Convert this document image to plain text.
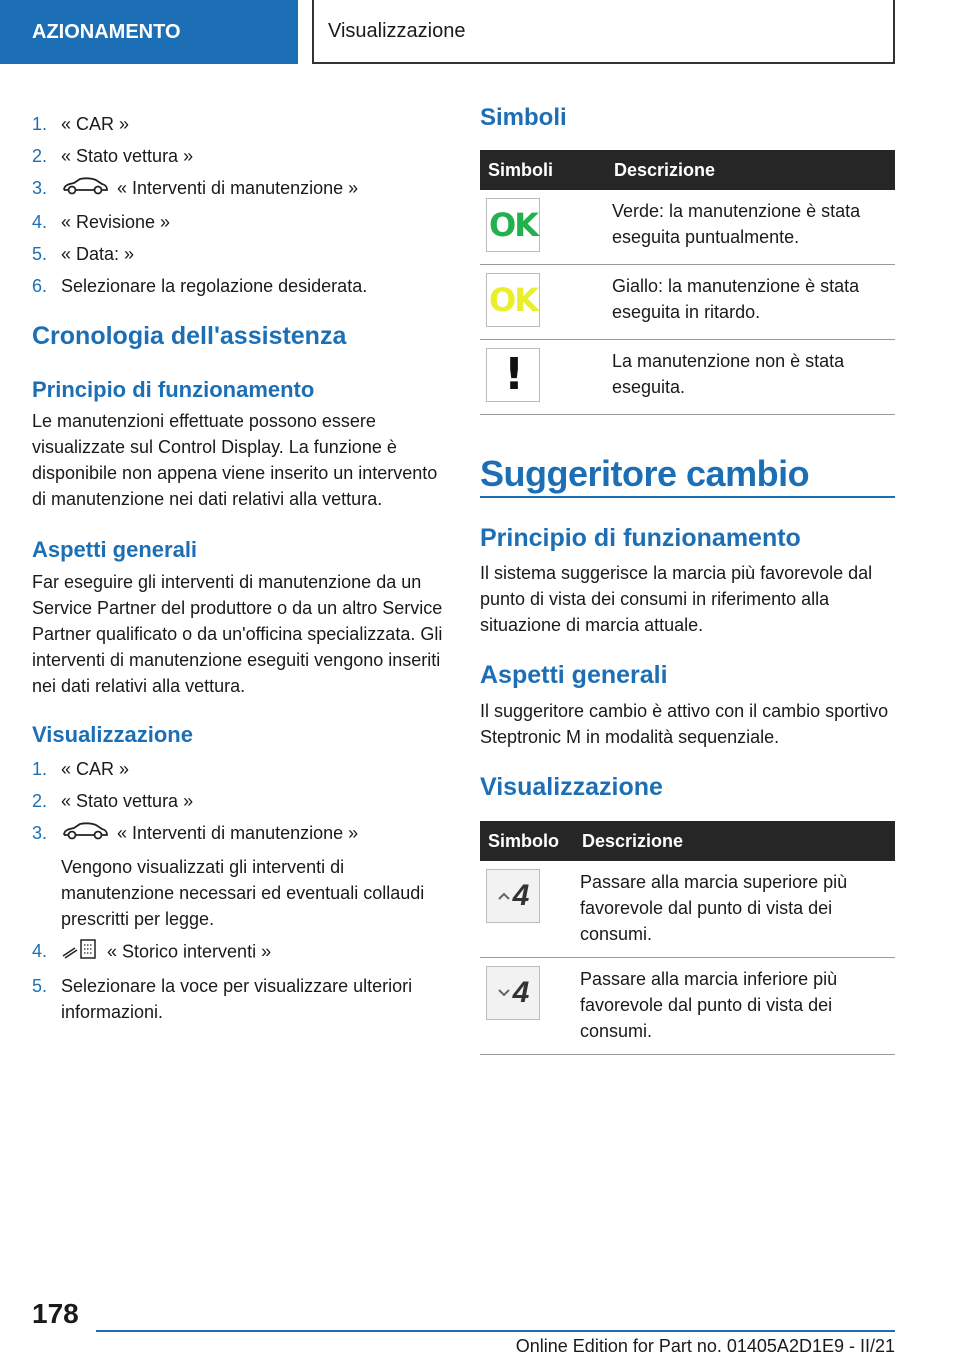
AZIONAMENTO	Visualizzazione
1. « CAR »
2. « Stato vettura »
3.	« Interventi di manutenzione »
4. « Revisione »
5. « Data: »
6. Selezionare la regolazione desiderata.
Cronologia dell'assistenza
Principio di funzionamento

Le manutenzioni effettuate possono essere visualizzate sul Control Display. La funzione è disponibile non appena viene inserito un intervento di manutenzione nei dati relativi alla vettura.

Aspetti generali

Far eseguire gli interventi di manutenzione da un Service Partner del produttore o da un altro Service Partner qualificato o da un'officina specializzata. Gli interventi di manutenzione eseguiti vengono inseriti nei dati relativi alla vettura.

Visualizzazione
1. « CAR »
2. « Stato vettura »
3.	« Interventi di manutenzione »
Vengono visualizzati gli interventi di manutenzione necessari ed eventuali collaudi prescritti per legge.
4.	« Storico interventi »
5. Selezionare la voce per visualizzare ulteriori informazioni.
Simboli
Simboli	Descrizione

OK	Verde: la manutenzione è stata eseguita puntualmente.

OK	Giallo: la manutenzione è stata eseguita in ritardo.

!	La manutenzione non è stata eseguita.
Suggeritore cambio
Principio di funzionamento

Il sistema suggerisce la marcia più favorevole dal punto di vista dei consumi in riferimento alla situazione di marcia attuale.

Aspetti generali

Il suggeritore cambio è attivo con il cambio sportivo Steptronic M in modalità sequenziale.

Visualizzazione
Simbolo	Descrizione

4	Passare alla marcia superiore più favorevole dal punto di vista dei consumi.

4	Passare alla marcia inferiore più favorevole dal punto di vista dei consumi.
178
Online Edition for Part no. 01405A2D1E9 - II/21
